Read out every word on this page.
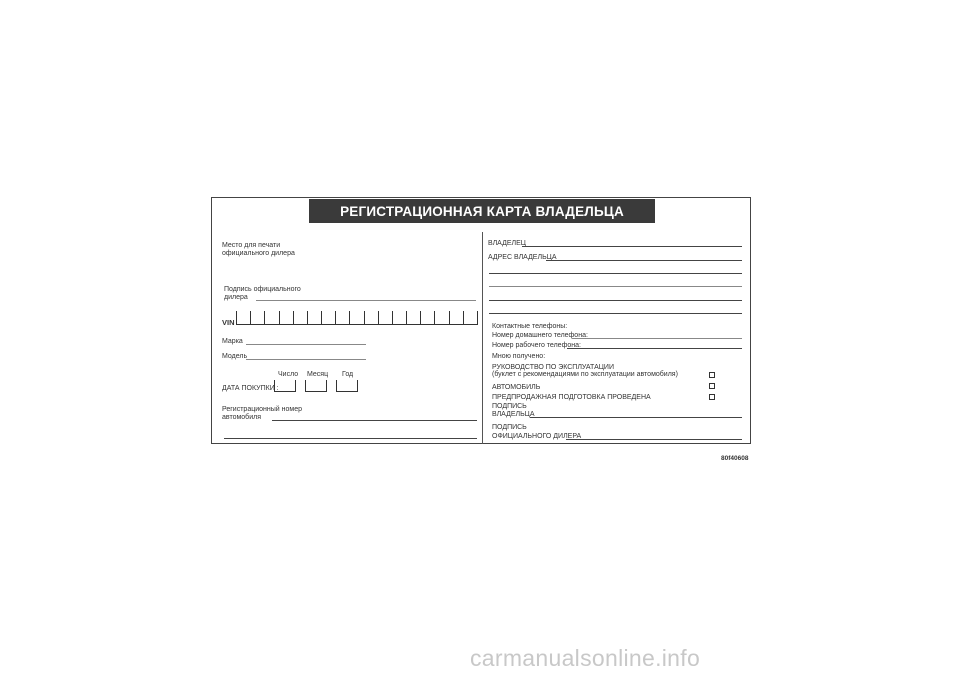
РЕГИСТРАЦИОННАЯ КАРТА ВЛАДЕЛЬЦА
Место для печати
официального дилера
Подпись официального
дилера
VIN
Марка
Модель
Число Месяц Год
ДАТА ПОКУПКИ :
Регистрационный номер
автомобиля
ВЛАДЕЛЕЦ
АДРЕС ВЛАДЕЛЬЦА
Контактные телефоны:
Номер домашнего телефона:
Номер рабочего телефона:
Мною получено:
РУКОВОДСТВО ПО ЭКСПЛУАТАЦИИ
(буклет с рекомендациями по эксплуатации автомобиля)
АВТОМОБИЛЬ
ПРЕДПРОДАЖНАЯ ПОДГОТОВКА ПРОВЕДЕНА
ПОДПИСЬ
ВЛАДЕЛЬЦА
ПОДПИСЬ
ОФИЦИАЛЬНОГО ДИЛЕРА
80f40608
carmanualsonline.info
